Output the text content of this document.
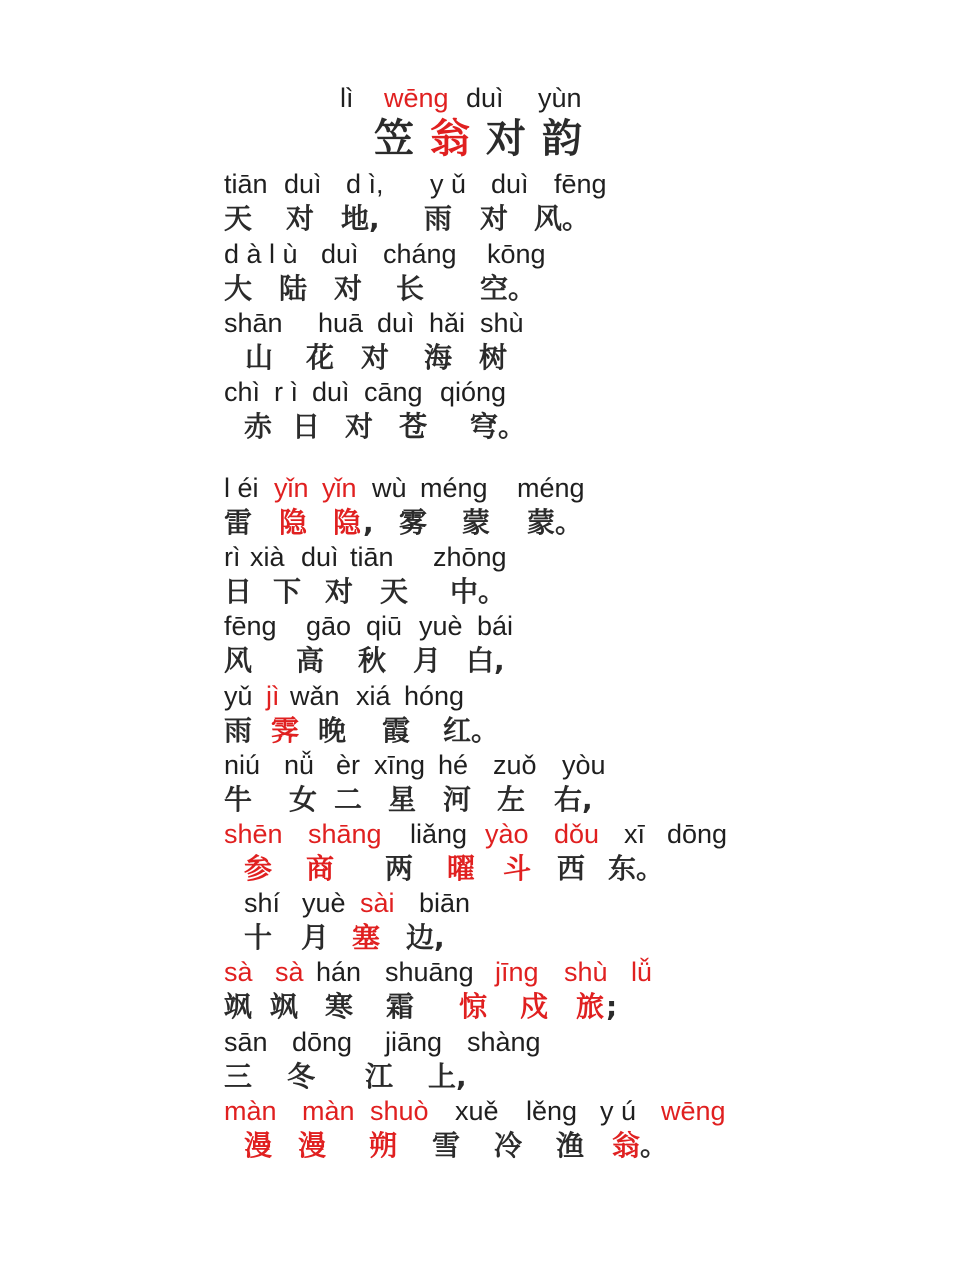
lì wēng duì yùn
笠 翁 对 韵
tiān duì d ì, y ǔ duì fēng
天 对 地, 雨 对 风。
d à l ù duì cháng kōng
大 陆 对 长 空。
shān huā duì hǎi shù
山 花 对 海 树
chì r ì duì cāng qióng
赤 日 对 苍 穹。
l éi yǐn yǐn wù méng méng
雷 隐 隐 , 雾 蒙 蒙。
rì xià duì tiān zhōng
日 下 对 天 中。
fēng gāo qiū yuè bái
风 高 秋 月 白,
yǔ jì wǎn xiá hóng
雨 霁 晚 霞 红。
niú nǚ èr xīng hé zuǒ yòu
牛 女 二 星 河 左 右,
shēn shāng liǎng yào dǒu xī dōng
参 商 两 曜 斗 西 东。
shí yuè sài biān
十 月 塞 边,
sà sà hán shuāng jīng shù lǚ
飒 飒 寒 霜 惊 戍 旅 ;
sān dōng jiāng shàng
三 冬 江 上,
màn màn shuò xuě lěng y ú wēng
漫 漫 朔 雪 冷 渔 翁 。
